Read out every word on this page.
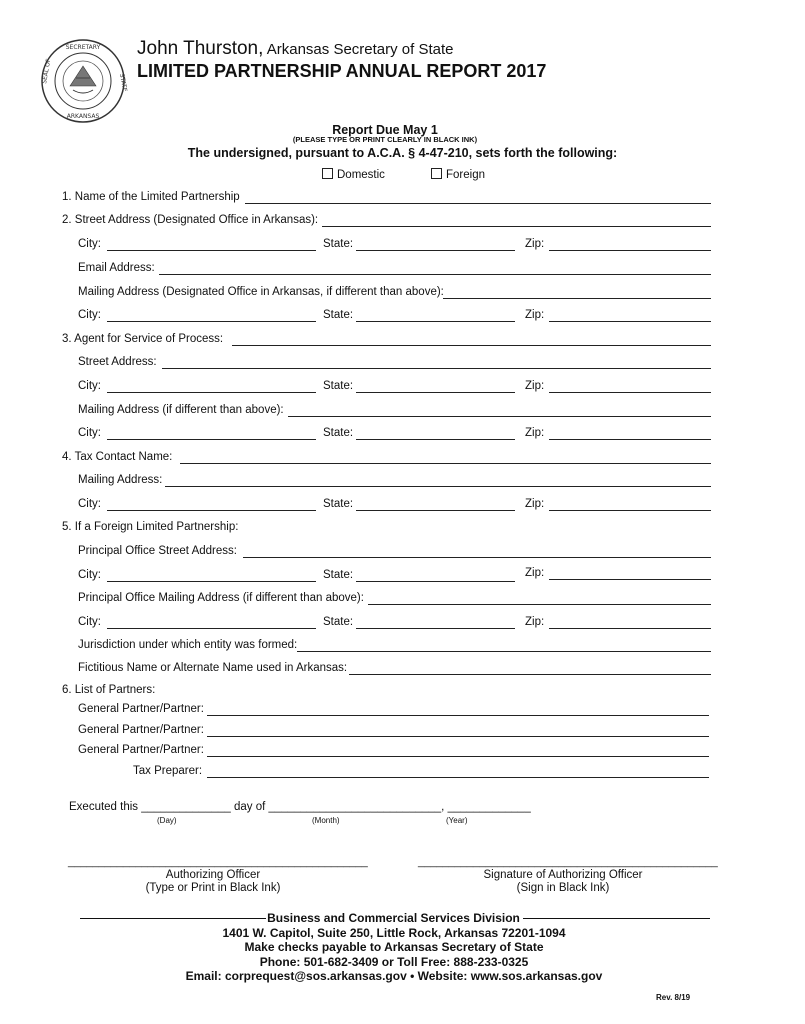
SECRETARY
ARKANSAS
SEAL OF	STATE
John Thurston, Arkansas Secretary of State
LIMITED PARTNERSHIP ANNUAL REPORT 2017
Report Due May 1
(PLEASE TYPE OR PRINT CLEARLY IN BLACK INK)
The undersigned, pursuant to A.C.A. § 4-47-210, sets forth the following:
Domestic	Foreign
1. Name of the Limited Partnership
2. Street Address (Designated Office in Arkansas):
City:	State:	Zip:
Email Address:
Mailing Address (Designated Office in Arkansas, if different than above):
City:	State:	Zip:
3. Agent for Service of Process:
Street Address:
City:	State:	Zip:
Mailing Address (if different than above):
City:	State:	Zip:
4. Tax Contact Name:
Mailing Address:
City:	State:	Zip:
5. If a Foreign Limited Partnership:
Principal Office Street Address:
City:	State:	Zip:
Principal Office Mailing Address (if different than above):
City:	State:	Zip:
Jurisdiction under which entity was formed:
Fictitious Name or Alternate Name used in Arkansas:
6. List of Partners:
General Partner/Partner:
General Partner/Partner:
General Partner/Partner:
Tax Preparer:
Executed this ______________ day of ___________________________, _____________
(Day)	(Month)	(Year)
_________________________________________________
Authorizing Officer
(Type or Print in Black Ink)
_________________________________________________
Signature of Authorizing Officer
(Sign in Black Ink)
Business and Commercial Services Division
1401 W. Capitol, Suite 250, Little Rock, Arkansas 72201-1094
Make checks payable to Arkansas Secretary of State
Phone: 501-682-3409 or Toll Free: 888-233-0325
Email: corprequest@sos.arkansas.gov • Website: www.sos.arkansas.gov
Rev. 8/19
